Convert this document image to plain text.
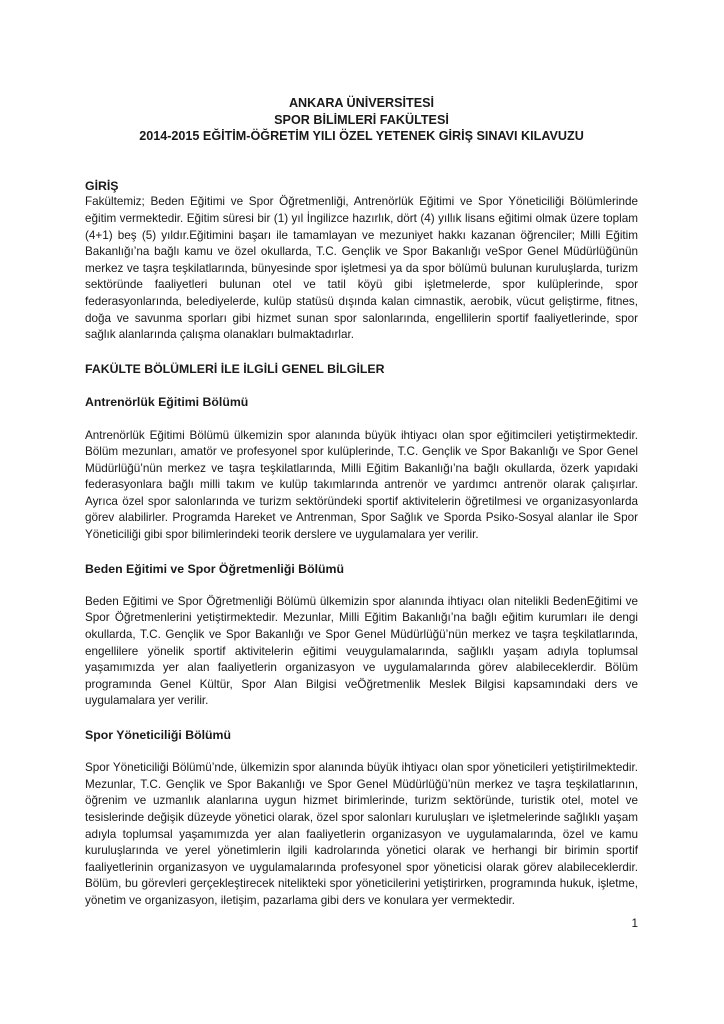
ANKARA ÜNİVERSİTESİ
SPOR BİLİMLERİ FAKÜLTESİ
2014-2015 EĞİTİM-ÖĞRETİM YILI ÖZEL YETENEK GİRİŞ SINAVI KILAVUZU
GİRİŞ

Fakültemiz; Beden Eğitimi ve Spor Öğretmenliği, Antrenörlük Eğitimi ve Spor Yöneticiliği Bölümlerinde eğitim vermektedir. Eğitim süresi bir (1) yıl İngilizce hazırlık, dört (4) yıllık lisans eğitimi olmak üzere toplam (4+1) beş (5) yıldır.Eğitimini başarı ile tamamlayan ve mezuniyet hakkı kazanan öğrenciler; Milli Eğitim Bakanlığı’na bağlı kamu ve özel okullarda, T.C. Gençlik ve Spor Bakanlığı veSpor Genel Müdürlüğünün merkez ve taşra teşkilatlarında, bünyesinde spor işletmesi ya da spor bölümü bulunan kuruluşlarda, turizm sektöründe faaliyetleri bulunan otel ve tatil köyü gibi işletmelerde, spor kulüplerinde, spor federasyonlarında, belediyelerde, kulüp statüsü dışında kalan cimnastik, aerobik, vücut geliştirme, fitnes, doğa ve savunma sporları gibi hizmet sunan spor salonlarında, engellilerin sportif faaliyetlerinde, spor sağlık alanlarında çalışma olanakları bulmaktadırlar.

FAKÜLTE BÖLÜMLERİ İLE İLGİLİ GENEL BİLGİLER
Antrenörlük Eğitimi Bölümü

Antrenörlük Eğitimi Bölümü ülkemizin spor alanında büyük ihtiyacı olan spor eğitimcileri yetiştirmektedir. Bölüm mezunları, amatör ve profesyonel spor kulüplerinde, T.C. Gençlik ve Spor Bakanlığı ve Spor Genel Müdürlüğü’nün merkez ve taşra teşkilatlarında, Milli Eğitim Bakanlığı’na bağlı okullarda, özerk yapıdaki federasyonlara bağlı milli takım ve kulüp takımlarında antrenör ve yardımcı antrenör olarak çalışırlar. Ayrıca özel spor salonlarında ve turizm sektöründeki sportif aktivitelerin öğretilmesi ve organizasyonlarda görev alabilirler. Programda Hareket ve Antrenman, Spor Sağlık ve Sporda Psiko-Sosyal alanlar ile Spor Yöneticiliği gibi spor bilimlerindeki teorik derslere ve uygulamalara yer verilir.

Beden Eğitimi ve Spor Öğretmenliği Bölümü

Beden Eğitimi ve Spor Öğretmenliği Bölümü ülkemizin spor alanında ihtiyacı olan nitelikli BedenEğitimi ve Spor Öğretmenlerini yetiştirmektedir. Mezunlar, Milli Eğitim Bakanlığı’na bağlı eğitim kurumları ile dengi okullarda, T.C. Gençlik ve Spor Bakanlığı ve Spor Genel Müdürlüğü’nün merkez ve taşra teşkilatlarında, engellilere yönelik sportif aktivitelerin eğitimi veuygulamalarında, sağlıklı yaşam adıyla toplumsal yaşamımızda yer alan faaliyetlerin organizasyon ve uygulamalarında görev alabileceklerdir. Bölüm programında Genel Kültür, Spor Alan Bilgisi veÖğretmenlik Meslek Bilgisi kapsamındaki ders ve uygulamalara yer verilir.

Spor Yöneticiliği Bölümü

Spor Yöneticiliği Bölümü’nde, ülkemizin spor alanında büyük ihtiyacı olan spor yöneticileri yetiştirilmektedir. Mezunlar, T.C. Gençlik ve Spor Bakanlığı ve Spor Genel Müdürlüğü’nün merkez ve taşra teşkilatlarının, öğrenim ve uzmanlık alanlarına uygun hizmet birimlerinde, turizm sektöründe, turistik otel, motel ve tesislerinde değişik düzeyde yönetici olarak, özel spor salonları kuruluşları ve işletmelerinde sağlıklı yaşam adıyla toplumsal yaşamımızda yer alan faaliyetlerin organizasyon ve uygulamalarında, özel ve kamu kuruluşlarında ve yerel yönetimlerin ilgili kadrolarında yönetici olarak ve herhangi bir birimin sportif faaliyetlerinin organizasyon ve uygulamalarında profesyonel spor yöneticisi olarak görev alabileceklerdir. Bölüm, bu görevleri gerçekleştirecek nitelikteki spor yöneticilerini yetiştirirken, programında hukuk, işletme, yönetim ve organizasyon, iletişim, pazarlama gibi ders ve konulara yer vermektedir.

1
